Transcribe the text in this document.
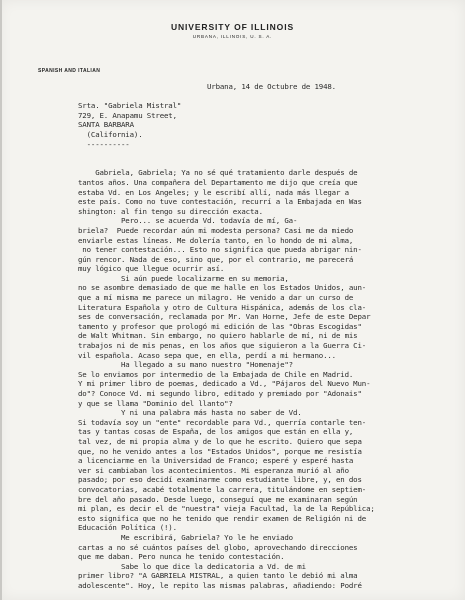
UNIVERSITY OF ILLINOIS
URBANA, ILLINOIS, U. S. A.
SPANISH AND ITALIAN
Urbana, 14 de Octubre de 1948.
Srta. "Gabriela Mistral"
729, E. Anapamu Street,
SANTA BARBARA
(California).
----------
Gabriela, Gabriela; Ya no sé qué tratamiento darle después de
tantos años. Una compañera del Departamento me dijo que creía que
estaba Vd. en Los Angeles; y le escribí allí, nada más llegar a
este país. Como no tuve contestación, recurrí a la Embajada en Was
shington: al fin tengo su dirección exacta.
Pero... se acuerda Vd. todavía de mí, Ga-
briela?  Puede recordar aún mi modesta persona? Casi me da miedo
enviarle estas líneas. Me dolería tanto, en lo hondo de mi alma,
no tener contestación... Esto no significa que pueda abrigar nin-
gún rencor. Nada de eso, sino que, por el contrario, me parecerá
muy lógico que llegue ocurrir así.
Si aún puede localizarme en su memoria,
no se asombre demasiado de que me halle en los Estados Unidos, aun-
que a mí misma me parece un milagro. He venido a dar un curso de
Literatura Española y otro de Cultura Hispánica, además de los cla-
ses de conversación, reclamada por Mr. Van Horne, Jefe de este Depar
tamento y profesor que prologó mi edición de las "Obras Escogidas"
de Walt Whitman. Sin embargo, no quiero hablarle de mí, ni de mis
trabajos ni de mis penas, en los años que siguieron a la Guerra Ci-
vil española. Acaso sepa que, en ella, perdí a mi hermano...
Ha llegado a su mano nuestro "Homenaje"?
Se lo enviamos por intermedio de la Embajada de Chile en Madrid.
Y mi primer libro de poemas, dedicado a Vd., "Pájaros del Nuevo Mun-
do"? Conoce Vd. mi segundo libro, editado y premiado por "Adonais"
y que se llama "Dominio del llanto"?
Y ni una palabra más hasta no saber de Vd.
Si todavía soy un "ente" recordable para Vd., querría contarle ten-
tas y tantas cosas de España, de los amigos que están en ella y,
tal vez, de mi propia alma y de lo que he escrito. Quiero que sepa
que, no he venido antes a los "Estados Unidos", porque me resistía
a licenciarme en la Universidad de Franco; esperé y esperé hasta
ver si cambiaban los acontecimientos. Mi esperanza murió al año
pasado; por eso decidí examinarme como estudiante libre, y, en dos
convocatorias, acabé totalmente la carrera, titulándome en septiem-
bre del año pasado. Desde luego, conseguí que me examinaran según
mi plan, es decir el de "nuestra" vieja Facultad, la de la República;
esto significa que no he tenido que rendir examen de Religión ni de
Educación Política (!).
Me escribirá, Gabriela? Yo le he enviado
cartas a no sé cuántos países del globo, aprovechando direcciones
que me daban. Pero nunca he tenido contestación.
Sabe lo que dice la dedicatoria a Vd. de mi
primer libro? "A GABRIELA MISTRAL, a quien tanto le debió mi alma
adolescente". Hoy, le repito las mismas palabras, añadiendo: Podré
